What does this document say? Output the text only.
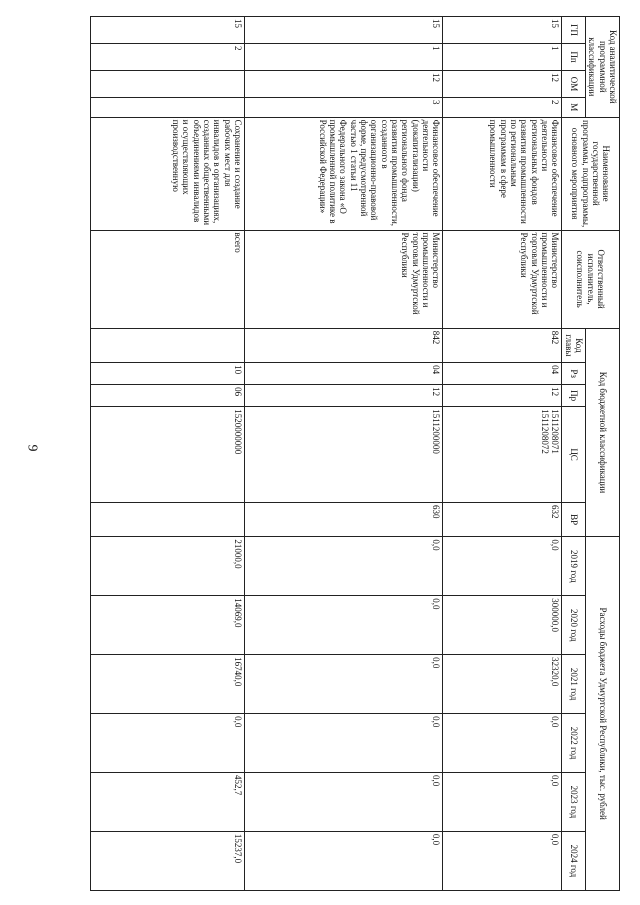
9
Код аналитической программной классификации				Наименование государственной программы, подпрограммы, основного мероприятия	Ответственный исполнитель, соисполнитель	Код бюджетной классификации					Расходы бюджета Удмуртской Республики, тыс. рублей					
ГП	Пп	ОМ	М			Код главы	Рз	Пр	ЦС	ВР	2019 год	2020 год	2021 год	2022 год	2023 год	2024 год
15	1	12	2	Финансовое обеспечение деятельности региональных фондов развития промышленности по региональным программам в сфере промышленности	Министерство промышленности и торговли Удмуртской Республики	842	04	12	1511208071 1511208072	632	0,0	300000,0	32320,0	0,0	0,0	0,0
15	1	12	3	Финансовое обеспечение деятельности (докапитализации) регионального фонда развития промышленности, созданного в организационно-правовой форме, предусмотренной частью 1 статьи 11 Федерального закона «О промышленной политике в Российской Федерации»	Министерство промышленности и торговли Удмуртской Республики	842	04	12	1511200000	630	0,0	0,0	0,0	0,0	0,0	0,0
15	2			Сохранение и создание рабочих мест для инвалидов в организациях, созданных общественными объединениями инвалидов и осуществляющих производственную	всего		10	06	1520000000		21000,0	14069,0	16740,0	0,0	452,7	15237,0
